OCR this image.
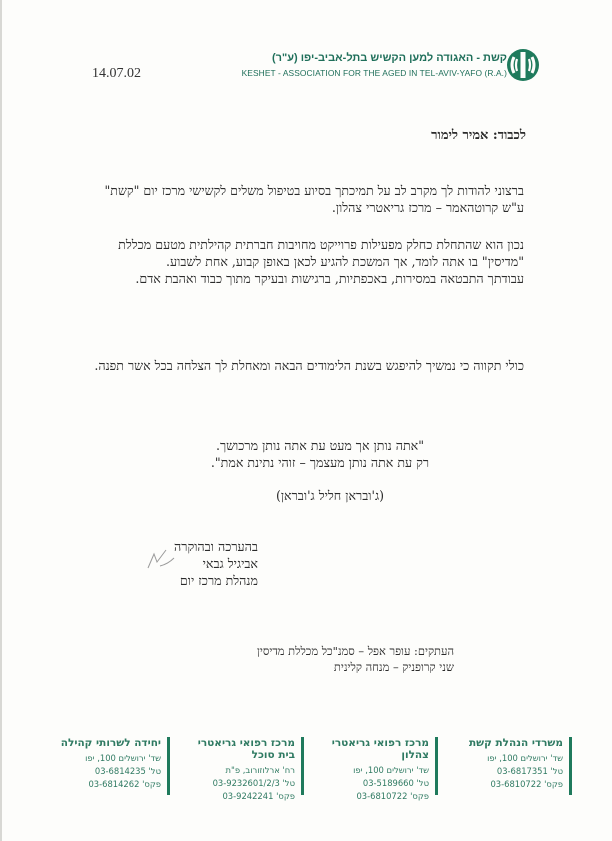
14.07.02
קשת - האגודה למען הקשיש בתל-אביב-יפו (ע"ר)
KESHET - ASSOCIATION FOR THE AGED IN TEL-AVIV-YAFO (R.A.)
לכבוד: אמיר לימור
ברצוני להודות לך מקרב לב על תמיכתך בסיוע בטיפול משלים לקשישי מרכז יום "קשת"
ע"ש קרוטהאמר – מרכז גריאטרי צהלון.
נכון הוא שהתחלת כחלק מפעילות פרוייקט מחויבות חברתית קהילתית מטעם מכללת
"מדיסין" בו אתה לומד, אך המשכת להגיע לכאן באופן קבוע, אחת לשבוע.
עבודתך התבטאה במסירות, באכפתיות, ברגישות ובעיקר מתוך כבוד ואהבת אדם.
כולי תקווה כי נמשיך להיפגש בשנת הלימודים הבאה ומאחלת לך הצלחה בכל אשר תפנה.
"אתה נותן אך מעט עת אתה נותן מרכושך.
רק עת אתה נותן מעצמך – זוהי נתינת אמת".
(ג'ובראן חליל ג'ובראן)
בהערכה ובהוקרה
אביגיל גבאי
מנהלת מרכז יום
העתקים: עופר אפל – סמנ"כל מכללת מדיסין
שני קרופניק – מנחה קלינית
משרדי הנהלת קשת
שד' ירושלים 100, יפו
טל' 03-6817351
פקס' 03-6810722
מרכז רפואי גריאטרי צהלון
שד' ירושלים 100, יפו
טל' 03-5189660
פקס' 03-6810722
מרכז רפואי גריאטרי בית סוכל
רח' ארלוזורוב, פ"ת
טל' 03-9232601/2/3
פקס' 03-9242241
יחידה לשרותי קהילה
שד' ירושלים 100, יפו
טל' 03-6814235
פקס' 03-6814262
